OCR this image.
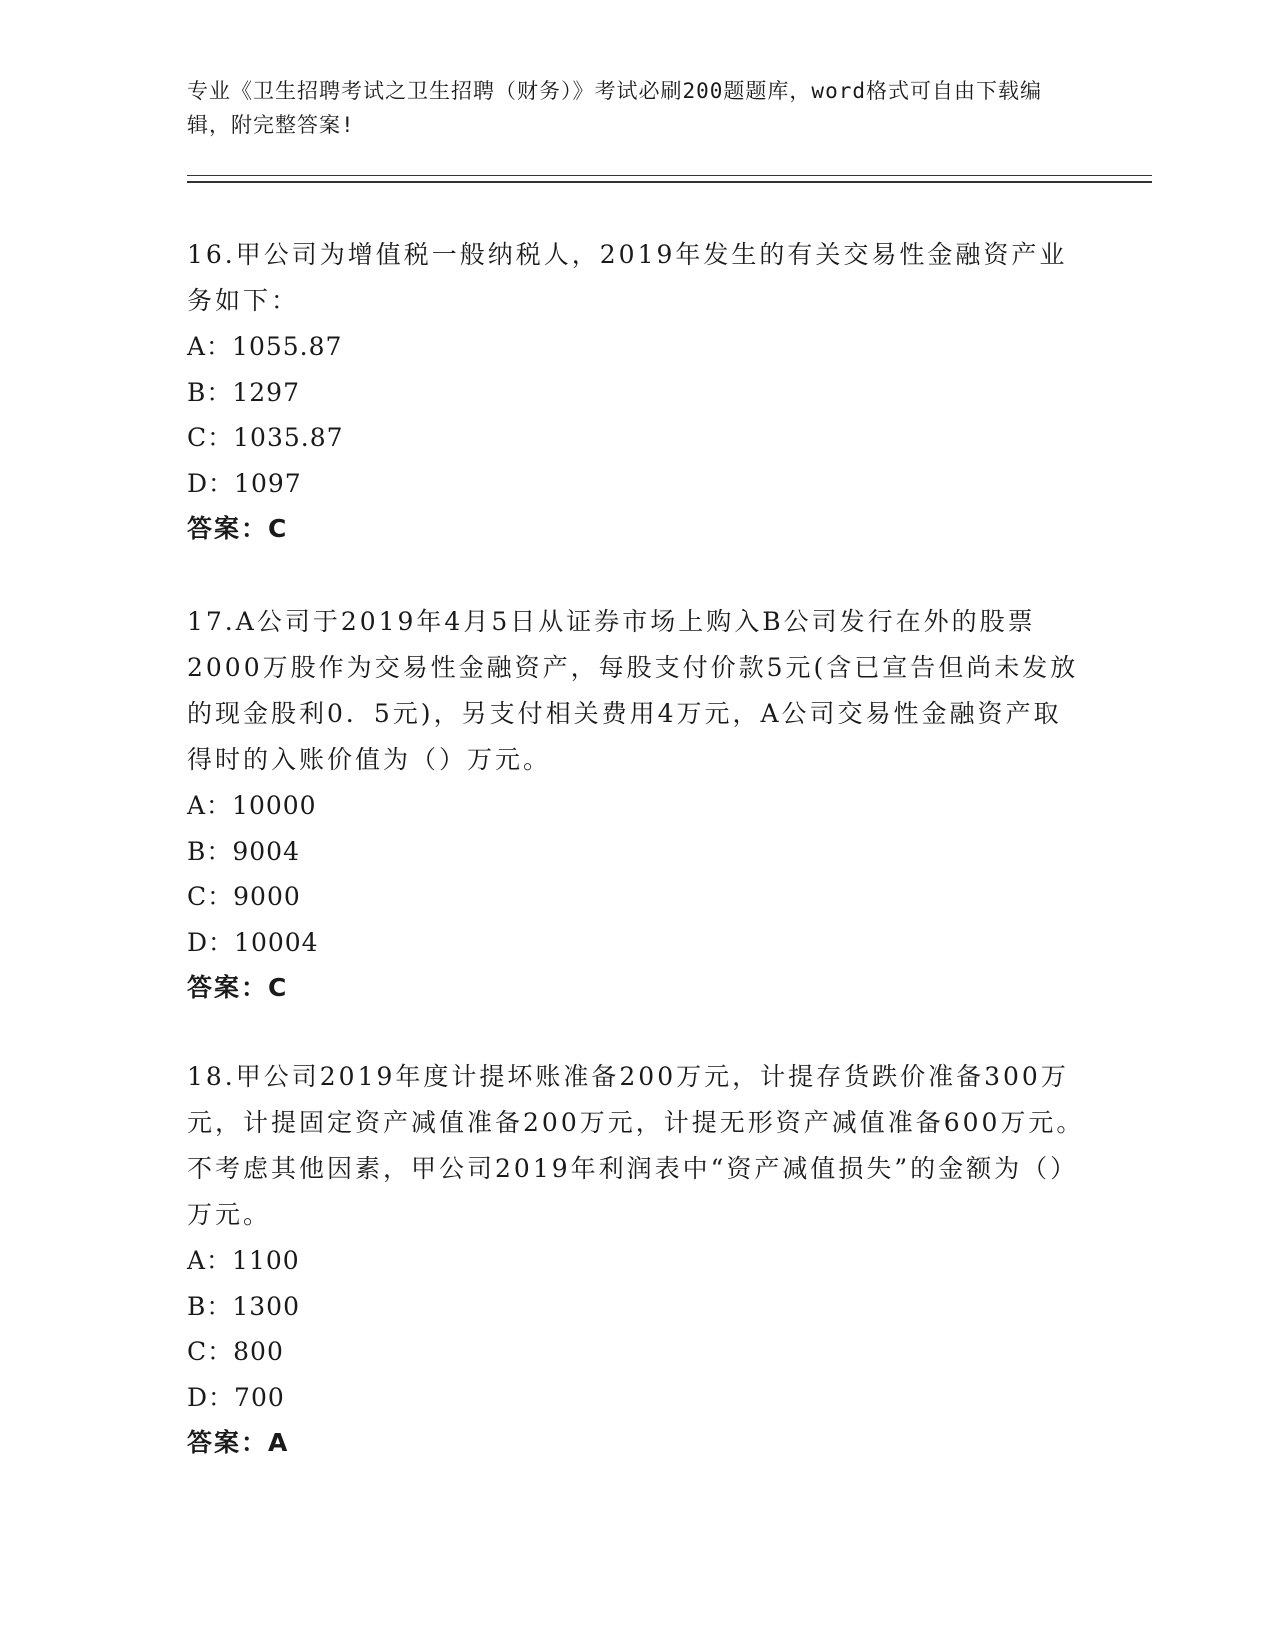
专业《卫生招聘考试之卫生招聘（财务）》考试必刷200题题库，word格式可自由下载编辑，附完整答案!

16.甲公司为增值税一般纳税人，2019年发生的有关交易性金融资产业务如下：

A：1055.87

B：1297

C：1035.87

D：1097

答案：C

17.A公司于2019年4月5日从证券市场上购入B公司发行在外的股票2000万股作为交易性金融资产，每股支付价款5元(含已宣告但尚未发放的现金股利0．5元)，另支付相关费用4万元，A公司交易性金融资产取得时的入账价值为（）万元。

A：10000

B：9004

C：9000

D：10004

答案：C

18.甲公司2019年度计提坏账准备200万元，计提存货跌价准备300万元，计提固定资产减值准备200万元，计提无形资产减值准备600万元。不考虑其他因素，甲公司2019年利润表中“资产减值损失”的金额为（）万元。

A：1100

B：1300

C：800

D：700

答案：A
